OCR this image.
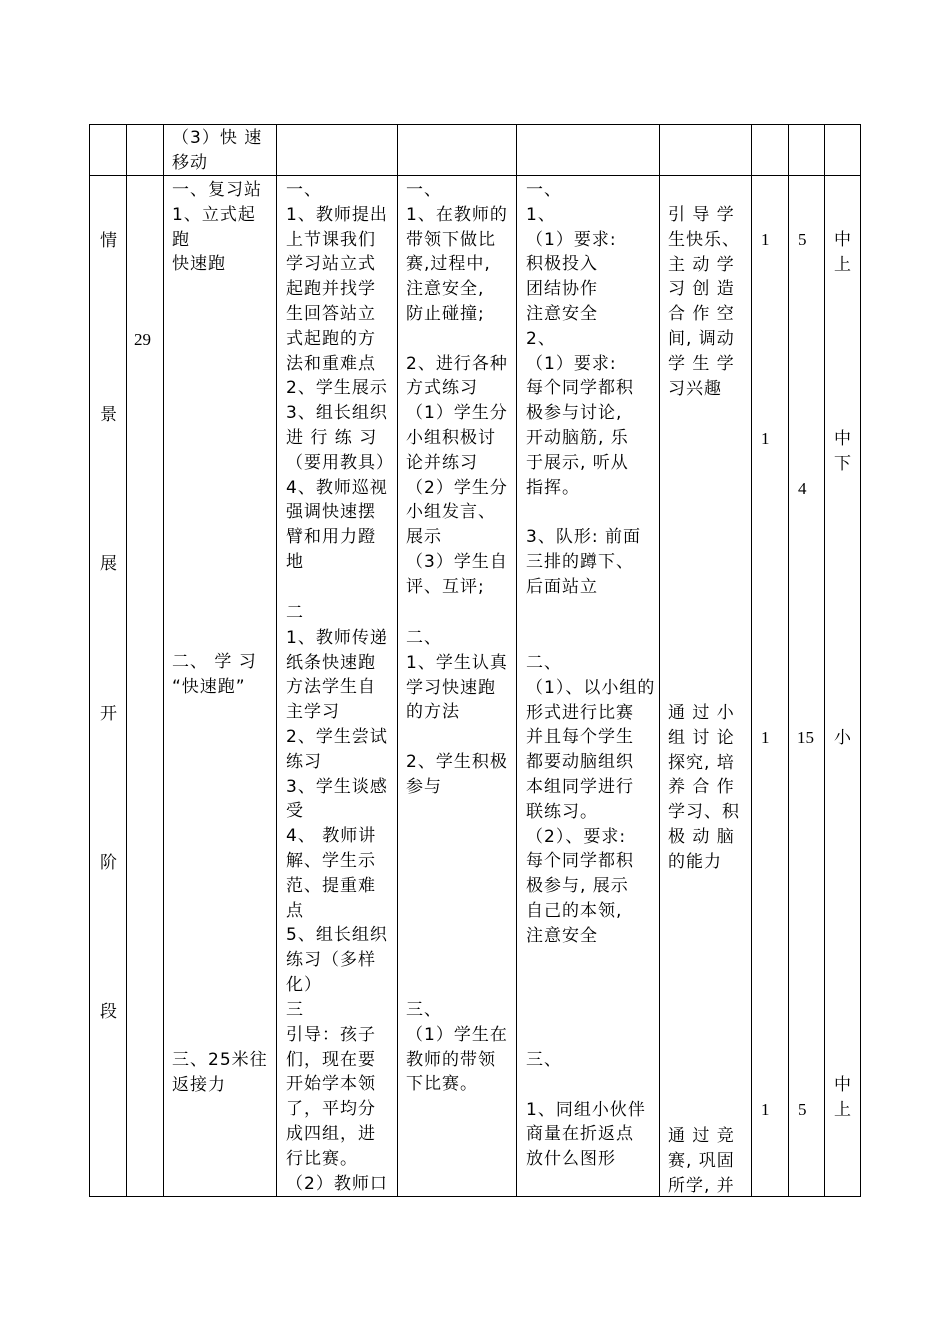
（3）快 速
移动
情
景
展
开
阶
段
29
一、复习站
1、立式起
跑
快速跑
二、 学 习
“快速跑”
三、25米往
返接力
一、
1、教师提出
上节课我们
学习站立式
起跑并找学
生回答站立
式起跑的方
法和重难点
2、学生展示
3、组长组织
进 行 练 习
（要用教具）
4、教师巡视
强调快速摆
臂和用力蹬
地
二
1、教师传递
纸条快速跑
方法学生自
主学习
2、学生尝试
练习
3、学生谈感
受
4、 教师讲
解、学生示
范、提重难
点
5、组长组织
练习（多样
化）
三
引导：孩子
们，现在要
开始学本领
了，平均分
成四组，进
行比赛。
（2）教师口
一、
1、在教师的
带领下做比
赛,过程中,
注意安全,
防止碰撞;

2、进行各种
方式练习
（1）学生分
小组积极讨
论并练习
（2）学生分
小组发言、
展示
（3）学生自
评、互评;
二、
1、学生认真
学习快速跑
的方法

2、学生积极
参与
三、
（1）学生在
教师的带领
下比赛。
一、
1、
（1）要求:
积极投入
团结协作
注意安全
2、
（1）要求:
每个同学都积
极参与讨论,
开动脑筋, 乐
于展示, 听从
指挥。

3、队形: 前面
三排的蹲下、
后面站立
二、
（1）、以小组的
形式进行比赛
并且每个学生
都要动脑组织
本组同学进行
联练习。
（2）、要求:
每个同学都积
极参与, 展示
自己的本领,
注意安全
三、

1、同组小伙伴
商量在折返点
放什么图形
引 导 学
生快乐、
主 动 学
习 创 造
合 作 空
间, 调动
学 生 学
习兴趣
通 过 小
组 讨 论
探究, 培
养 合 作
学习、积
极 动 脑
的能力
通 过 竞
赛, 巩固
所学, 并
1
1
1
1
5
4
15
5
中
上
中
下
小
中
上
